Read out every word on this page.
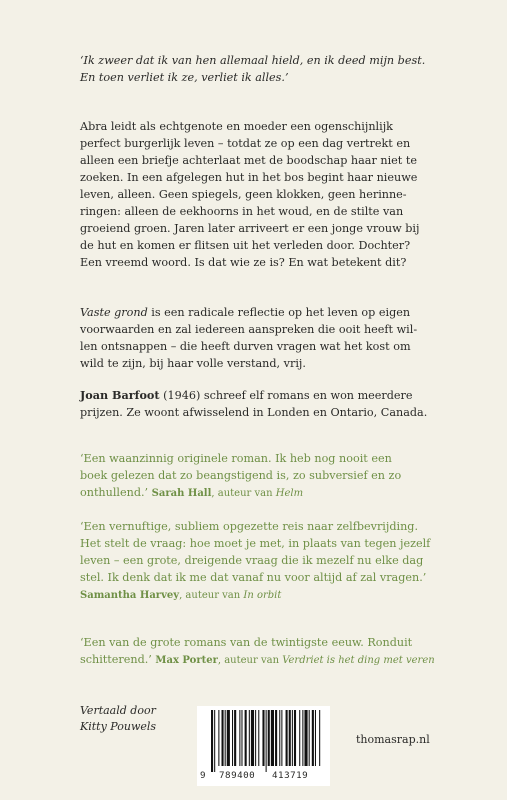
‘Ik zweer dat ik van hen allemaal hield, en ik deed mijn best.

En toen verliet ik ze, verliet ik alles.’

Abra leidt als echtgenote en moeder een ogenschijnlijk

perfect burgerlijk leven – totdat ze op een dag vertrekt en

alleen een briefje achterlaat met de boodschap haar niet te

zoeken. In een afgelegen hut in het bos begint haar nieuwe

leven, alleen. Geen spiegels, geen klokken, geen herinne-

ringen: alleen de eekhoorns in het woud, en de stilte van

groeiend groen. Jaren later arriveert er een jonge vrouw bij

de hut en komen er flitsen uit het verleden door. Dochter?

Een vreemd woord. Is dat wie ze is? En wat betekent dit?

Vaste grond is een radicale reflectie op het leven op eigen

voorwaarden en zal iedereen aanspreken die ooit heeft wil-

len ontsnappen – die heeft durven vragen wat het kost om

wild te zijn, bij haar volle verstand, vrij.

Joan Barfoot (1946) schreef elf romans en won meerdere

prijzen. Ze woont afwisselend in Londen en Ontario, Canada.

‘Een waanzinnig originele roman. Ik heb nog nooit een

boek gelezen dat zo beangstigend is, zo subversief en zo

onthullend.’ Sarah Hall, auteur van Helm

‘Een vernuftige, subliem opgezette reis naar zelfbevrijding.

Het stelt de vraag: hoe moet je met, in plaats van tegen jezelf

leven – een grote, dreigende vraag die ik mezelf nu elke dag

stel. Ik denk dat ik me dat vanaf nu voor altijd af zal vragen.’

Samantha Harvey, auteur van In orbit

‘Een van de grote romans van de twintigste eeuw. Ronduit

schitterend.’ Max Porter, auteur van Verdriet is het ding met veren

Vertaald door

Kitty Pouwels

9 789400 413719
thomasrap.nl
